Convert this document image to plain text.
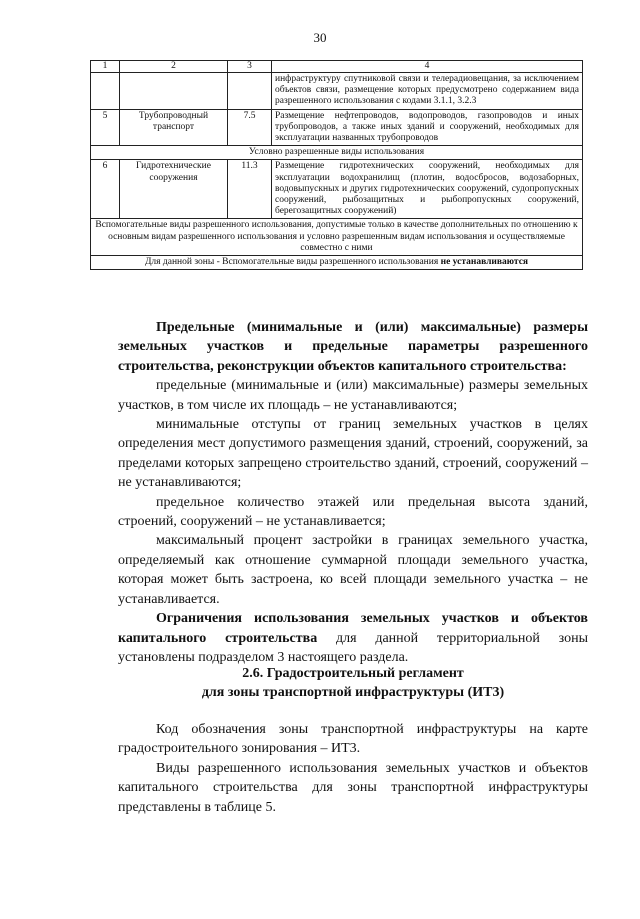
30
1	2	3	4
			инфраструктуру спутниковой связи и телерадиовещания, за исключением объектов связи, размещение которых предусмотрено содержанием вида разрешенного использования с кодами 3.1.1, 3.2.3
5	Трубопроводный транспорт	7.5	Размещение нефтепроводов, водопроводов, газопроводов и иных трубопроводов, а также иных зданий и сооружений, необходимых для эксплуатации названных трубопроводов
Условно разрешенные виды использования			
6	Гидротехнические сооружения	11.3	Размещение гидротехнических сооружений, необходимых для эксплуатации водохранилищ (плотин, водосбросов, водозаборных, водовыпускных и других гидротехнических сооружений, судопропускных сооружений, рыбозащитных и рыбопропускных сооружений, берегозащитных сооружений)
Вспомогательные виды разрешенного использования, допустимые только в качестве дополнительных по отношению к основным видам разрешенного использования и условно разрешенным видам использования и осуществляемые совместно с ними			
Для данной зоны - Вспомогательные виды разрешенного использования не устанавливаются			

Предельные (минимальные и (или) максимальные) размеры земельных участков и предельные параметры разрешенного строительства, реконструкции объектов капитального строительства:

предельные (минимальные и (или) максимальные) размеры земельных участков, в том числе их площадь – не устанавливаются;

минимальные отступы от границ земельных участков в целях определения мест допустимого размещения зданий, строений, сооружений, за пределами которых запрещено строительство зданий, строений, сооружений – не устанавливаются;

предельное количество этажей или предельная высота зданий, строений, сооружений – не устанавливается;

максимальный процент застройки в границах земельного участка, определяемый как отношение суммарной площади земельного участка, которая может быть застроена, ко всей площади земельного участка – не устанавливается.

Ограничения использования земельных участков и объектов капитального строительства для данной территориальной зоны установлены подразделом 3 настоящего раздела.

2.6. Градостроительный регламент

для зоны транспортной инфраструктуры (ИТ3)

Код обозначения зоны транспортной инфраструктуры на карте градостроительного зонирования – ИТ3.

Виды разрешенного использования земельных участков и объектов капитального строительства для зоны транспортной инфраструктуры представлены в таблице 5.
